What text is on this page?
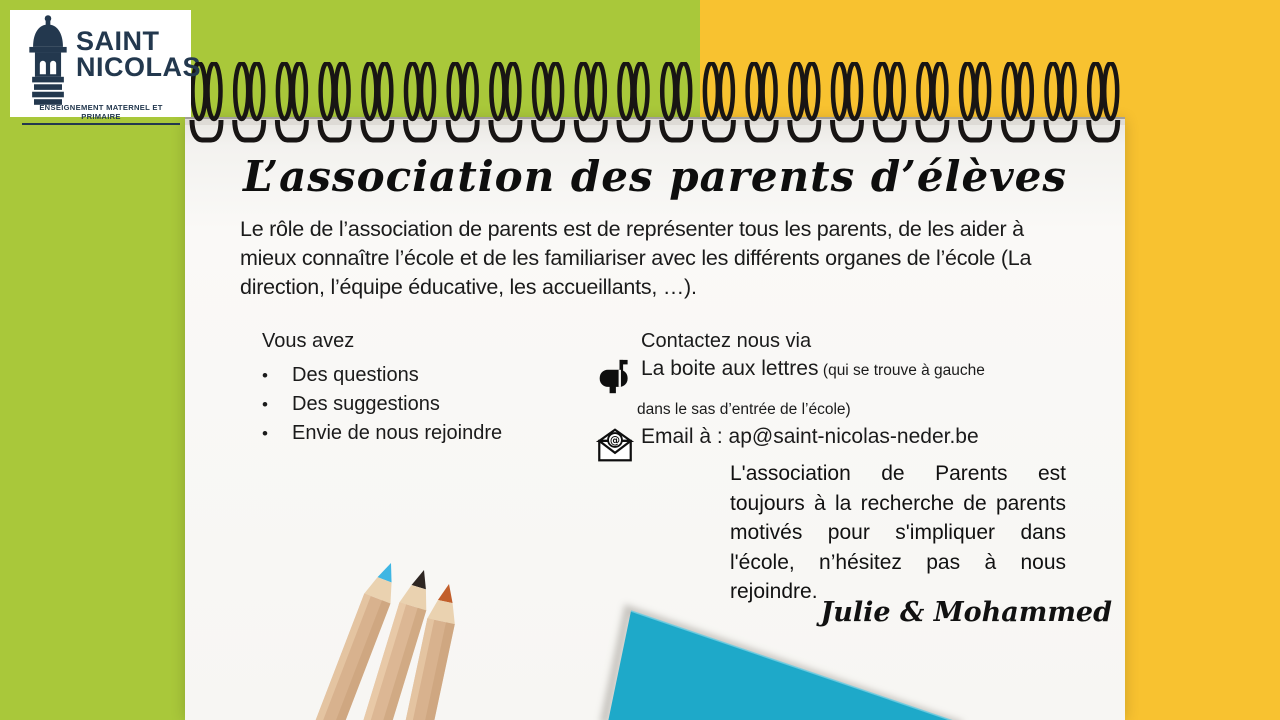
SAINT
NICOLAS
ENSEIGNEMENT MATERNEL ET PRIMAIRE
L’association des parents d’élèves
Le rôle de l’association de parents est de représenter tous les parents, de les aider à mieux connaître l’école et de les familiariser avec les différents organes de l’école (La direction, l’équipe éducative, les accueillants, …).
Vous avez
•	Des questions
•	Des suggestions
•	Envie de nous rejoindre
Contactez nous via
La boite aux lettres (qui se trouve à gauche
dans le sas d’entrée de l’école)
@ Email à : ap@saint-nicolas-neder.be
L'association de Parents est toujours à la recherche de parents motivés pour s'impliquer dans l'école, n’hésitez pas à nous rejoindre.
Julie & Mohammed
